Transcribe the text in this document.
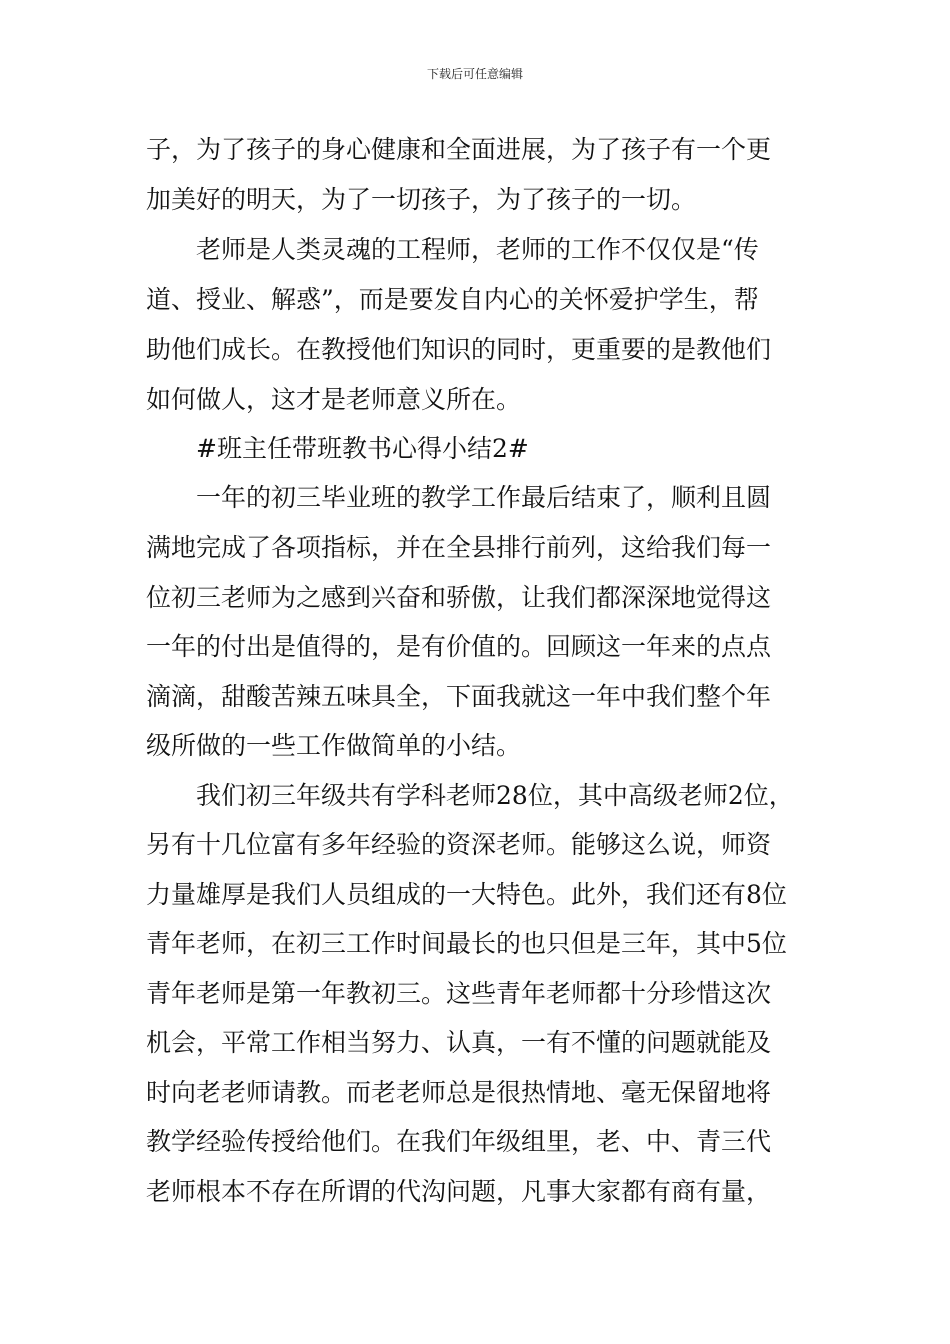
下载后可任意编辑
子，为了孩子的身心健康和全面进展，为了孩子有一个更
加美好的明天，为了一切孩子，为了孩子的一切。
老师是人类灵魂的工程师，老师的工作不仅仅是“传
道、授业、解惑”，而是要发自内心的关怀爱护学生，帮
助他们成长。在教授他们知识的同时，更重要的是教他们
如何做人，这才是老师意义所在。
#班主任带班教书心得小结2#
一年的初三毕业班的教学工作最后结束了，顺利且圆
满地完成了各项指标，并在全县排行前列，这给我们每一
位初三老师为之感到兴奋和骄傲，让我们都深深地觉得这
一年的付出是值得的，是有价值的。回顾这一年来的点点
滴滴，甜酸苦辣五味具全，下面我就这一年中我们整个年
级所做的一些工作做简单的小结。
我们初三年级共有学科老师28位，其中高级老师2位，
另有十几位富有多年经验的资深老师。能够这么说，师资
力量雄厚是我们人员组成的一大特色。此外，我们还有8位
青年老师，在初三工作时间最长的也只但是三年，其中5位
青年老师是第一年教初三。这些青年老师都十分珍惜这次
机会，平常工作相当努力、认真，一有不懂的问题就能及
时向老老师请教。而老老师总是很热情地、毫无保留地将
教学经验传授给他们。在我们年级组里，老、中、青三代
老师根本不存在所谓的代沟问题，凡事大家都有商有量，
